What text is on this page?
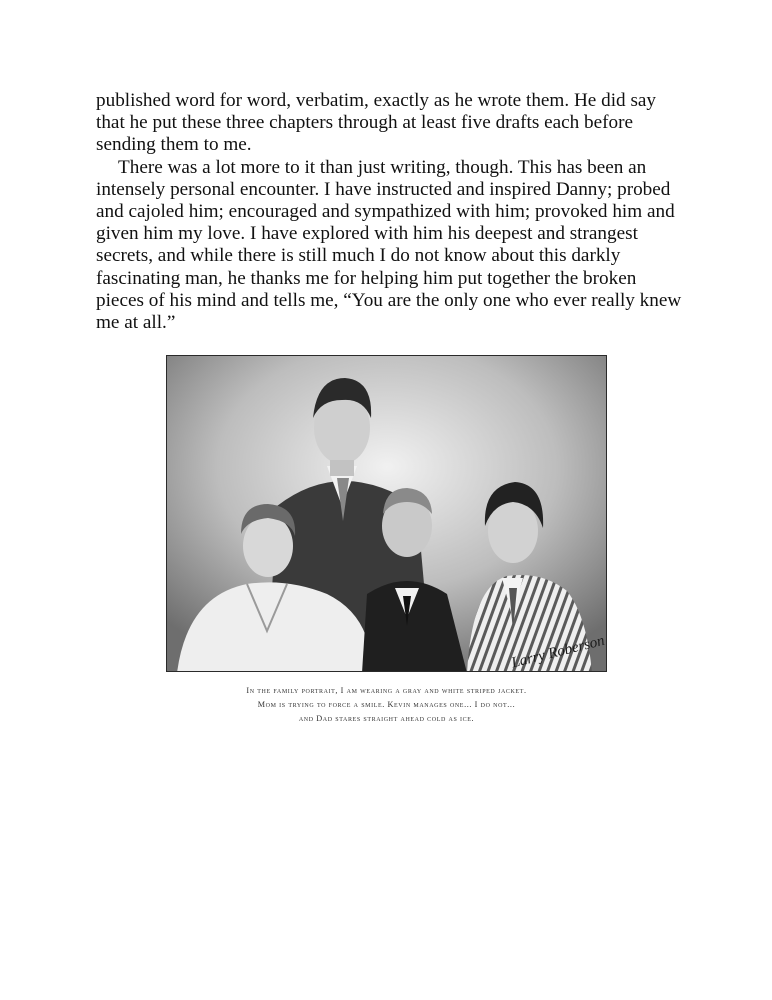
published word for word, verbatim, exactly as he wrote them. He did say that he put these three chapters through at least five drafts each before sending them to me.

There was a lot more to it than just writing, though. This has been an intensely personal encounter. I have instructed and inspired Danny; probed and cajoled him; encouraged and sympathized with him; provoked him and given him my love. I have explored with him his deepest and strangest secrets, and while there is still much I do not know about this darkly fascinating man, he thanks me for helping him put together the broken pieces of his mind and tells me, “You are the only one who ever really knew me at all.”

Larry Roberson
In the family portrait, I am wearing a gray and white striped jacket.
Mom is trying to force a smile. Kevin manages one... I do not...
and Dad stares straight ahead cold as ice.
